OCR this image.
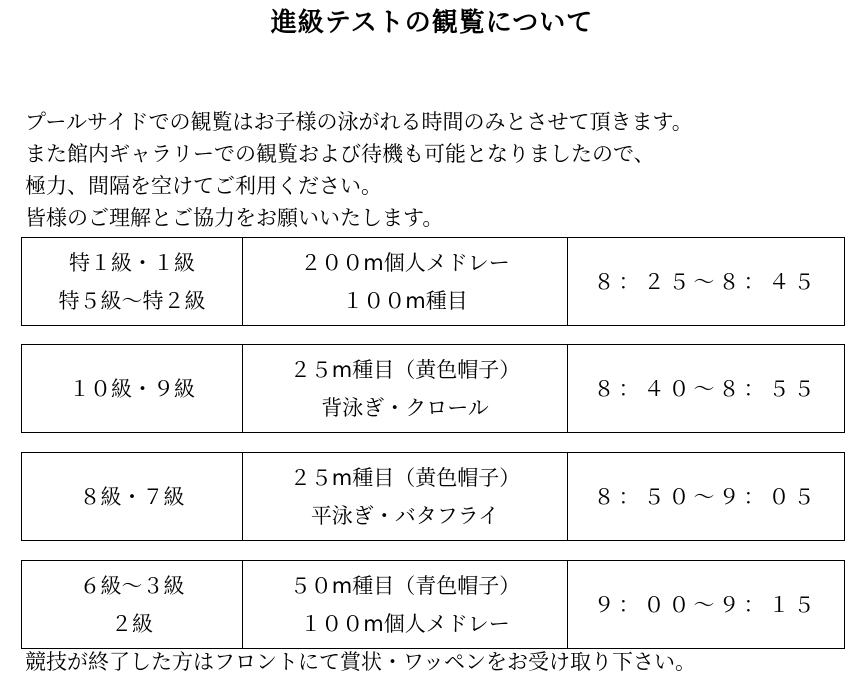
進級テストの観覧について

プールサイドでの観覧はお子様の泳がれる時間のみとさせて頂きます。

また館内ギャラリーでの観覧および待機も可能となりましたので、

極力、間隔を空けてご利用ください。

皆様のご理解とご協力をお願いいたします。

特１級・１級
特５級～特２級

２００m個人メドレー
１００m種目
	８：２５～８：４５
１０級・９級

２５m種目（黄色帽子）
背泳ぎ・クロール
	８：４０～８：５５
８級・７級

２５m種目（黄色帽子）
平泳ぎ・バタフライ
	８：５０～９：０５
６級～３級
２級

５０m種目（青色帽子）
１００m個人メドレー
	９：００～９：１５
競技が終了した方はフロントにて賞状・ワッペンをお受け取り下さい。
